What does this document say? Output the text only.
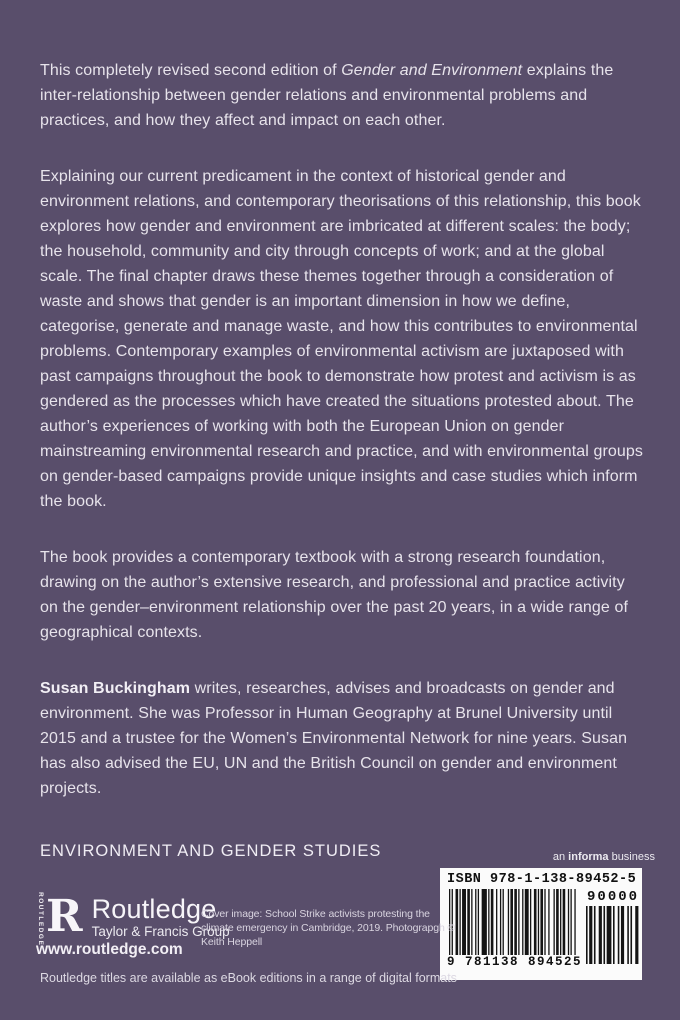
This completely revised second edition of Gender and Environment explains the inter-relationship between gender relations and environmental problems and practices, and how they affect and impact on each other.

Explaining our current predicament in the context of historical gender and environment relations, and contemporary theorisations of this relationship, this book explores how gender and environment are imbricated at different scales: the body; the household, community and city through concepts of work; and at the global scale. The final chapter draws these themes together through a consideration of waste and shows that gender is an important dimension in how we define, categorise, generate and manage waste, and how this contributes to environmental problems. Contemporary examples of environmental activism are juxtaposed with past campaigns throughout the book to demonstrate how protest and activism is as gendered as the processes which have created the situations protested about. The author’s experiences of working with both the European Union on gender mainstreaming environmental research and practice, and with environmental groups on gender-based campaigns provide unique insights and case studies which inform the book.

The book provides a contemporary textbook with a strong research foundation, drawing on the author’s extensive research, and professional and practice activity on the gender–environment relationship over the past 20 years, in a wide range of geographical contexts.

Susan Buckingham writes, researches, advises and broadcasts on gender and environment. She was Professor in Human Geography at Brunel University until 2015 and a trustee for the Women’s Environmental Network for nine years. Susan has also advised the EU, UN and the British Council on gender and environment projects.

ENVIRONMENT AND GENDER STUDIES	an informa business
ISBN 978-1-138-89452-5
9 781138 894525
90000
ROUTLEDGE R Routledge
Taylor & Francis Group
www.routledge.com
Cover image: School Strike activists protesting the climate emergency in Cambridge, 2019. Photograpgh © Keith Heppell
Routledge titles are available as eBook editions in a range of digital formats
